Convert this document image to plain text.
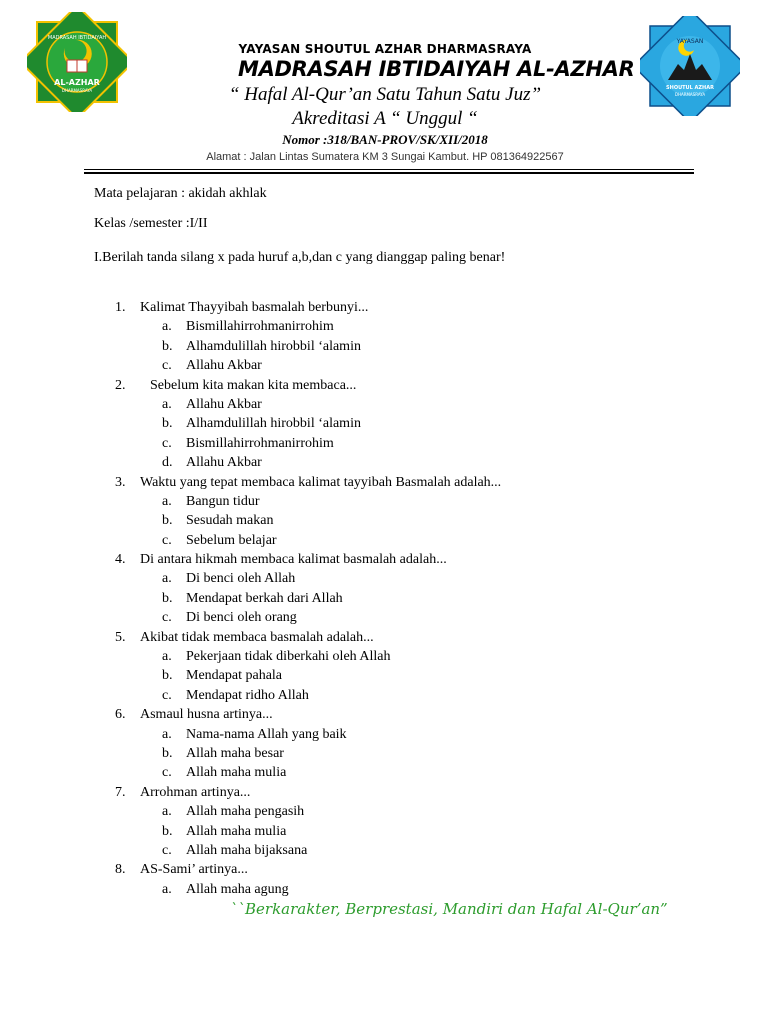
MADRASAH IBTIDAIYAH
AL-AZHAR
DHARMASRAYA
YAYASAN
SHOUTUL AZHAR
DHARMASRAYA
YAYASAN SHOUTUL AZHAR DHARMASRAYA
MADRASAH IBTIDAIYAH AL-AZHAR
“ Hafal Al-Qur’an Satu Tahun Satu Juz”
Akreditasi A “ Unggul “
Nomor :318/BAN-PROV/SK/XII/2018
Alamat : Jalan Lintas Sumatera KM 3 Sungai Kambut. HP 081364922567
Mata pelajaran : akidah akhlak
Kelas /semester :I/II
I.Berilah tanda silang x pada huruf a,b,dan c yang dianggap paling benar!
1. Kalimat Thayyibah basmalah berbunyi...
a. Bismillahirrohmanirrohim
b. Alhamdulillah hirobbil ‘alamin
c. Allahu Akbar
2. Sebelum kita makan kita membaca...
a. Allahu Akbar
b. Alhamdulillah hirobbil ‘alamin
c. Bismillahirrohmanirrohim
d. Allahu Akbar
3. Waktu yang tepat membaca kalimat tayyibah Basmalah adalah...
a. Bangun tidur
b. Sesudah makan
c. Sebelum belajar
4. Di antara hikmah membaca kalimat basmalah adalah...
a. Di benci oleh Allah
b. Mendapat berkah dari Allah
c. Di benci oleh orang
5. Akibat tidak membaca basmalah adalah...
a. Pekerjaan tidak diberkahi oleh Allah
b. Mendapat pahala
c. Mendapat ridho Allah
6. Asmaul husna artinya...
a. Nama-nama Allah yang baik
b. Allah maha besar
c. Allah maha mulia
7. Arrohman artinya...
a. Allah maha pengasih
b. Allah maha mulia
c. Allah maha bijaksana
8. AS-Sami’ artinya...
a. Allah maha agung
``Berkarakter, Berprestasi, Mandiri dan Hafal Al-Qur’an”
